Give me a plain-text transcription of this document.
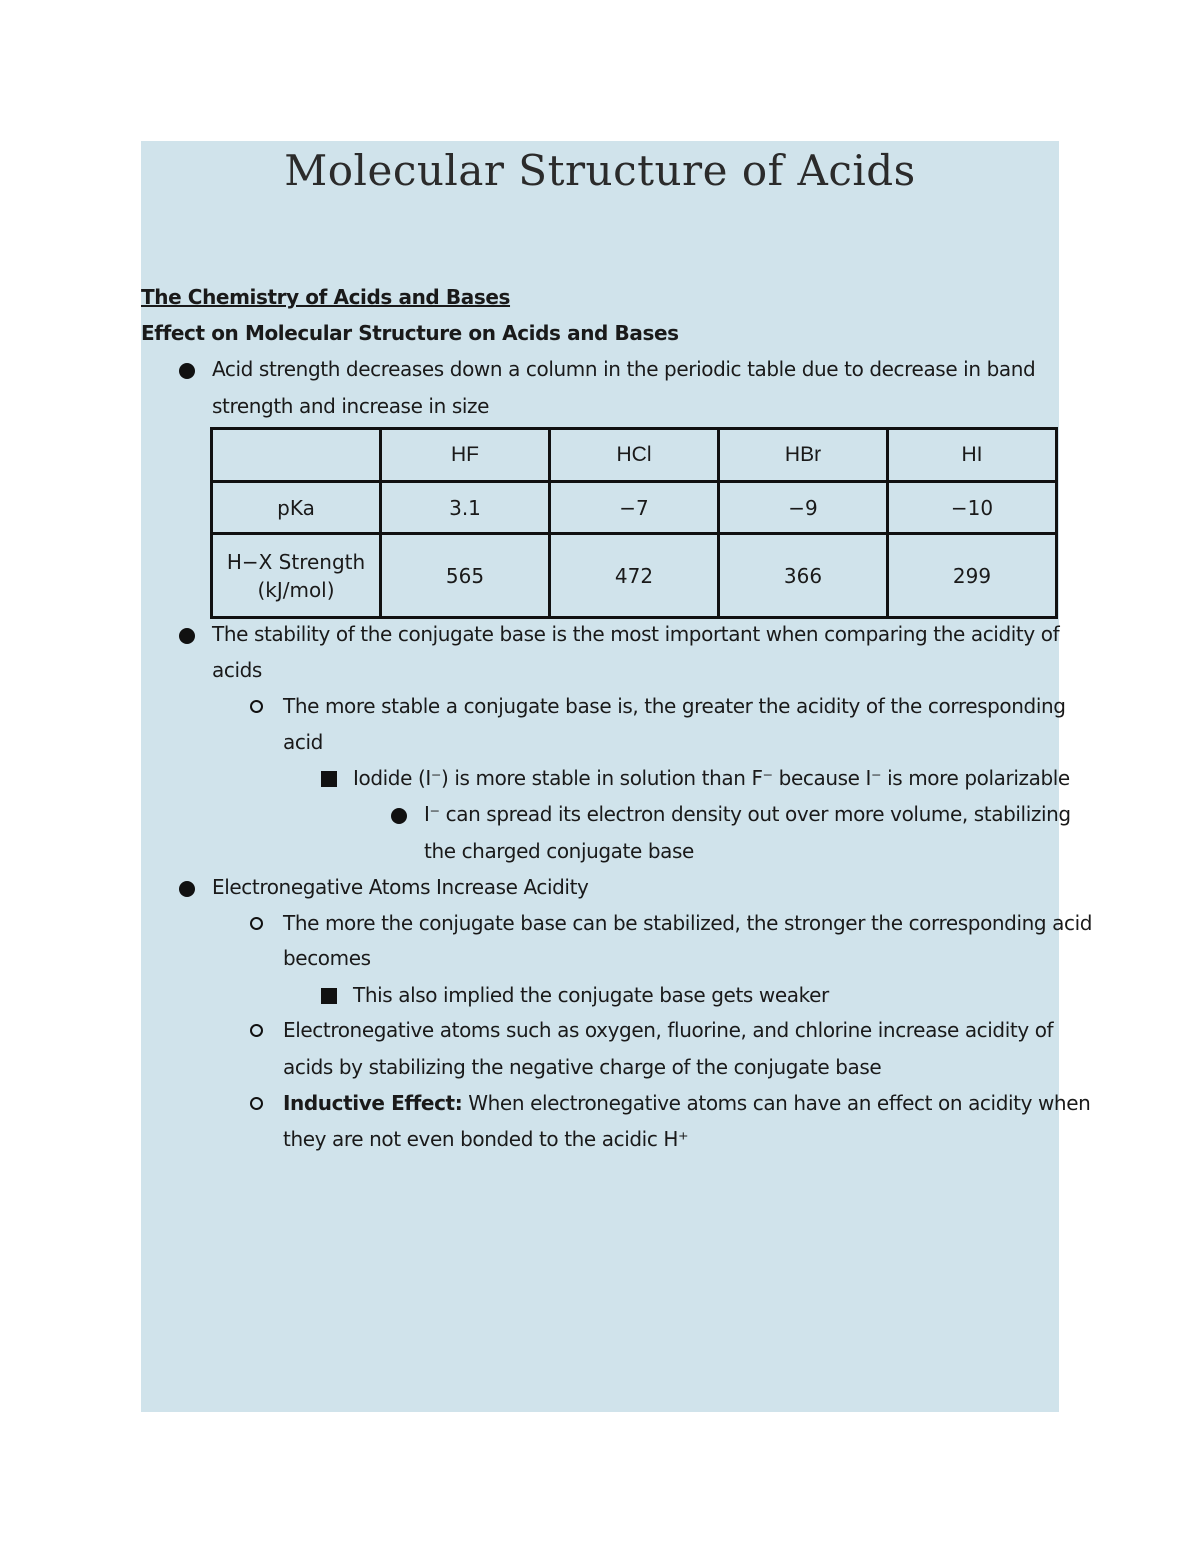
Molecular Structure of Acids
The Chemistry of Acids and Bases
Effect on Molecular Structure on Acids and Bases
Acid strength decreases down a column in the periodic table due to decrease in band
strength and increase in size
	HF	HCl	HBr	HI
pKa	3.1	−7	−9	−10

H−X Strength
(kJ/mol)	565	472	366	299
The stability of the conjugate base is the most important when comparing the acidity of
acids
The more stable a conjugate base is, the greater the acidity of the corresponding
acid
Iodide (I⁻) is more stable in solution than F⁻ because I⁻ is more polarizable
I⁻ can spread its electron density out over more volume, stabilizing
the charged conjugate base
Electronegative Atoms Increase Acidity
The more the conjugate base can be stabilized, the stronger the corresponding acid
becomes
This also implied the conjugate base gets weaker
Electronegative atoms such as oxygen, fluorine, and chlorine increase acidity of
acids by stabilizing the negative charge of the conjugate base
Inductive Effect: When electronegative atoms can have an effect on acidity when
they are not even bonded to the acidic H⁺
